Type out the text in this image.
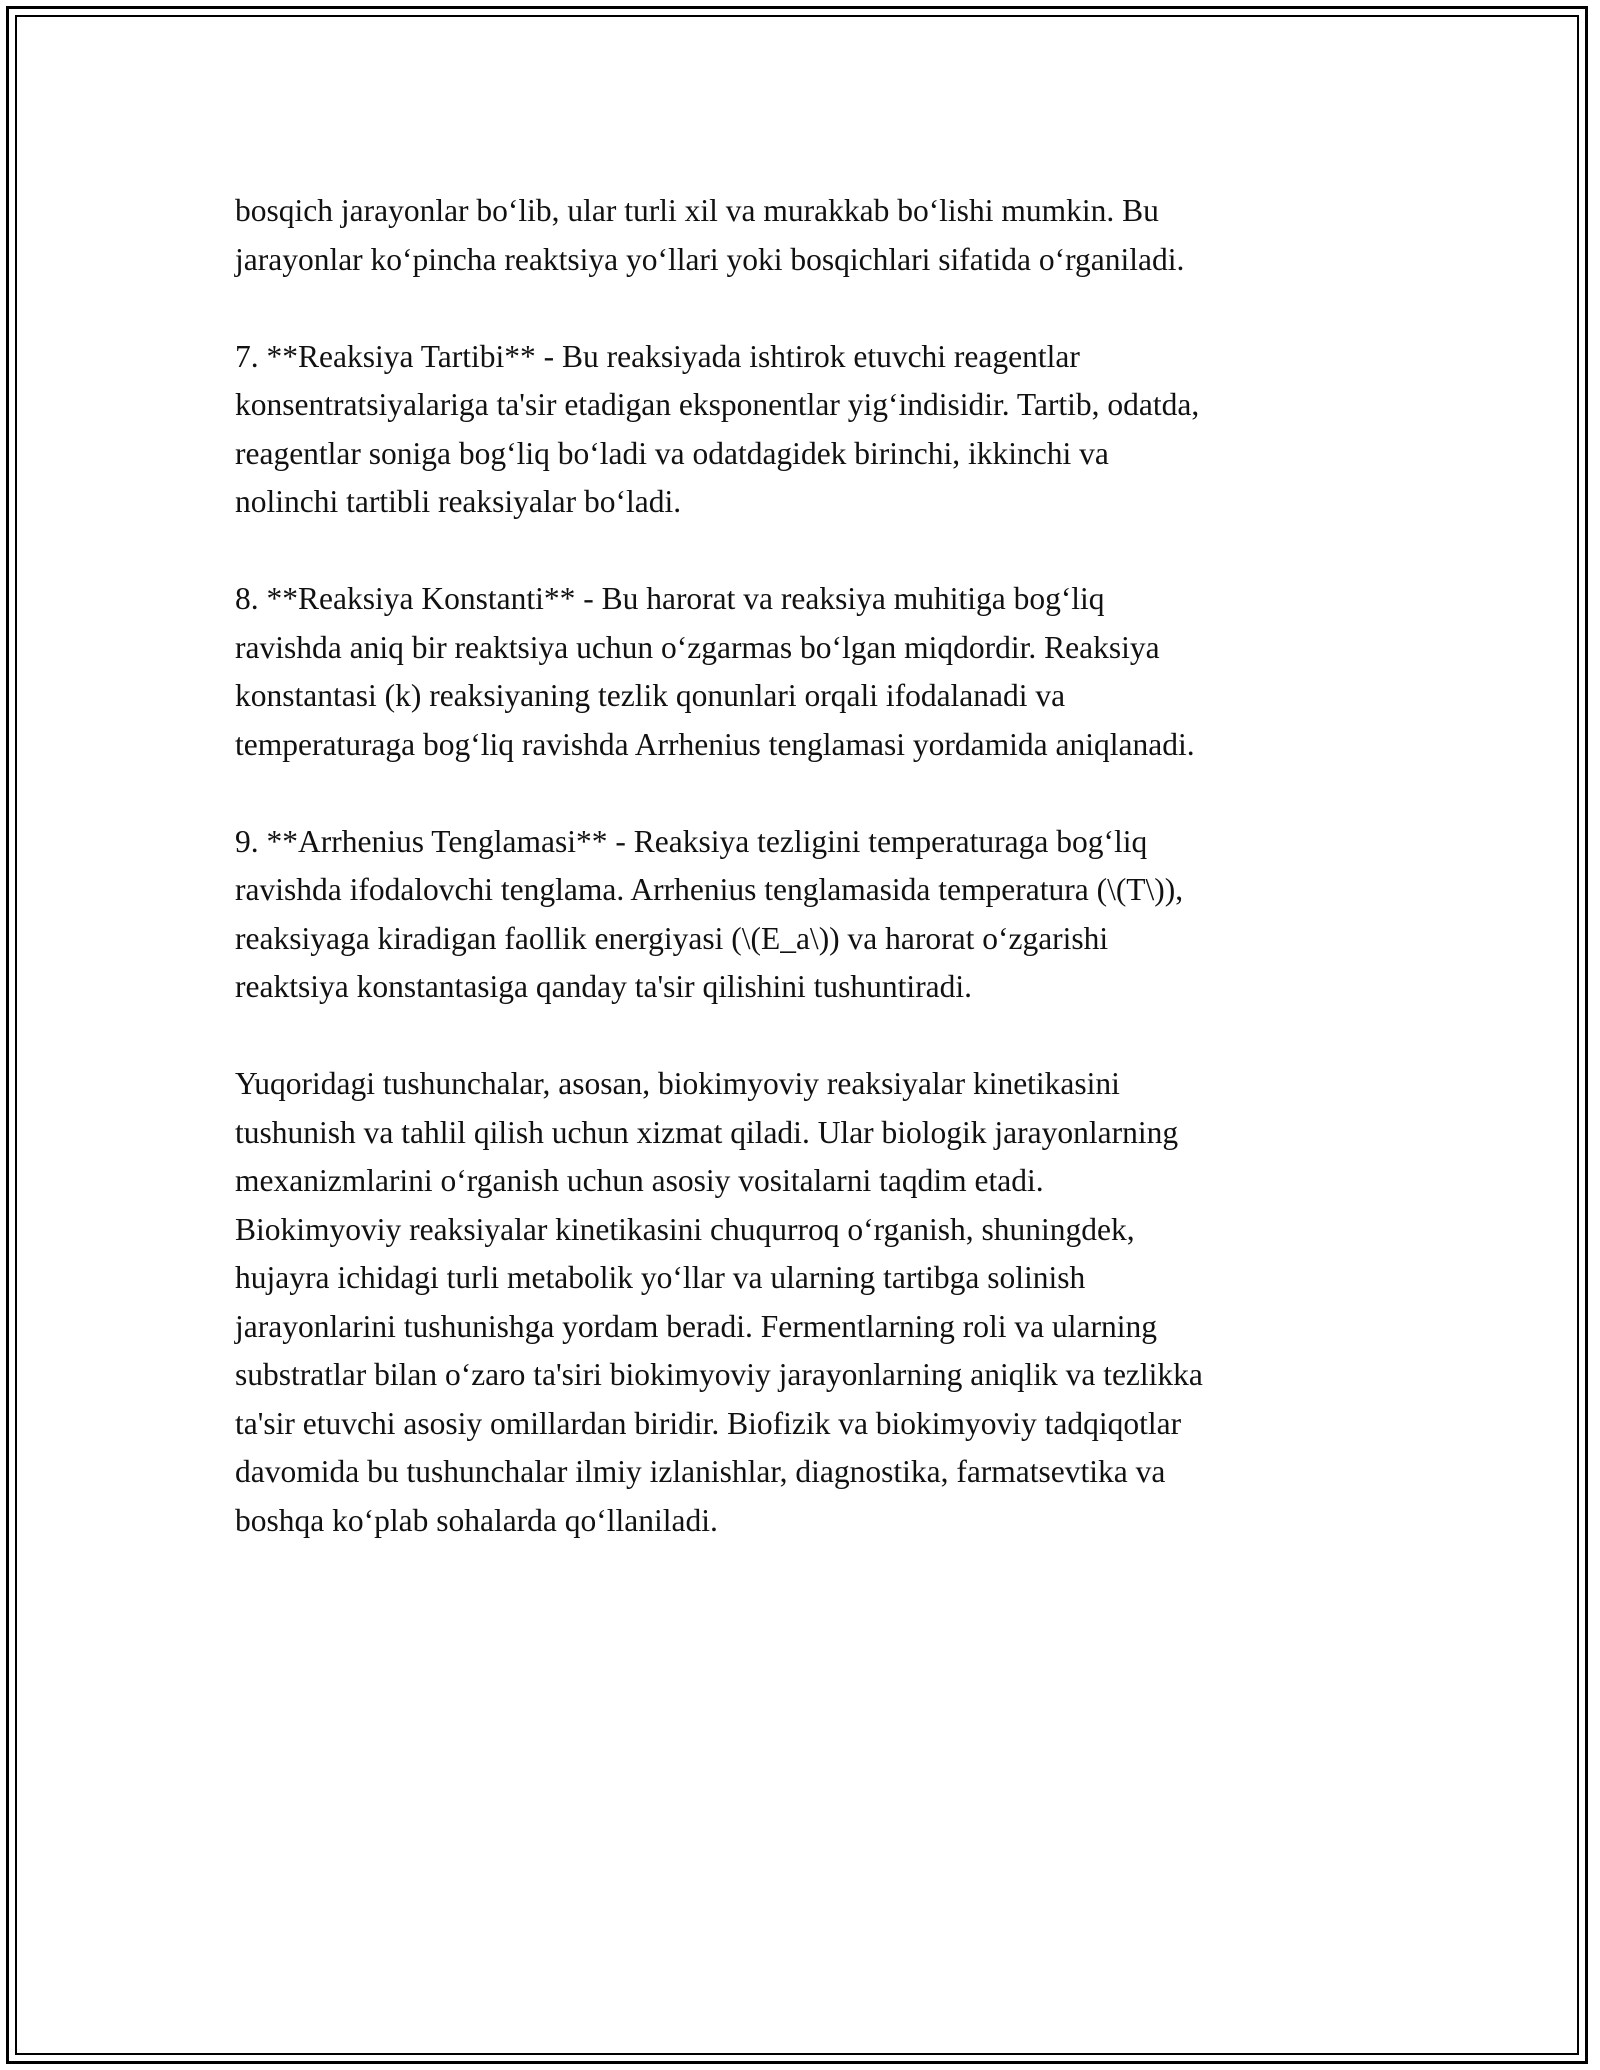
bosqich jarayonlar bo‘lib, ular turli xil va murakkab bo‘lishi mumkin. Bu
jarayonlar ko‘pincha reaktsiya yo‘llari yoki bosqichlari sifatida o‘rganiladi.

7. **Reaksiya Tartibi** - Bu reaksiyada ishtirok etuvchi reagentlar
konsentratsiyalariga ta'sir etadigan eksponentlar yig‘indisidir. Tartib, odatda,
reagentlar soniga bog‘liq bo‘ladi va odatdagidek birinchi, ikkinchi va
nolinchi tartibli reaksiyalar bo‘ladi.

8. **Reaksiya Konstanti** - Bu harorat va reaksiya muhitiga bog‘liq
ravishda aniq bir reaktsiya uchun o‘zgarmas bo‘lgan miqdordir. Reaksiya
konstantasi (k) reaksiyaning tezlik qonunlari orqali ifodalanadi va
temperaturaga bog‘liq ravishda Arrhenius tenglamasi yordamida aniqlanadi.

9. **Arrhenius Tenglamasi** - Reaksiya tezligini temperaturaga bog‘liq
ravishda ifodalovchi tenglama. Arrhenius tenglamasida temperatura (\(T\)),
reaksiyaga kiradigan faollik energiyasi (\(E_a\)) va harorat o‘zgarishi
reaktsiya konstantasiga qanday ta'sir qilishini tushuntiradi.

Yuqoridagi tushunchalar, asosan, biokimyoviy reaksiyalar kinetikasini
tushunish va tahlil qilish uchun xizmat qiladi. Ular biologik jarayonlarning
mexanizmlarini o‘rganish uchun asosiy vositalarni taqdim etadi.
Biokimyoviy reaksiyalar kinetikasini chuqurroq o‘rganish, shuningdek,
hujayra ichidagi turli metabolik yo‘llar va ularning tartibga solinish
jarayonlarini tushunishga yordam beradi. Fermentlarning roli va ularning
substratlar bilan o‘zaro ta'siri biokimyoviy jarayonlarning aniqlik va tezlikka
ta'sir etuvchi asosiy omillardan biridir. Biofizik va biokimyoviy tadqiqotlar
davomida bu tushunchalar ilmiy izlanishlar, diagnostika, farmatsevtika va
boshqa ko‘plab sohalarda qo‘llaniladi.
